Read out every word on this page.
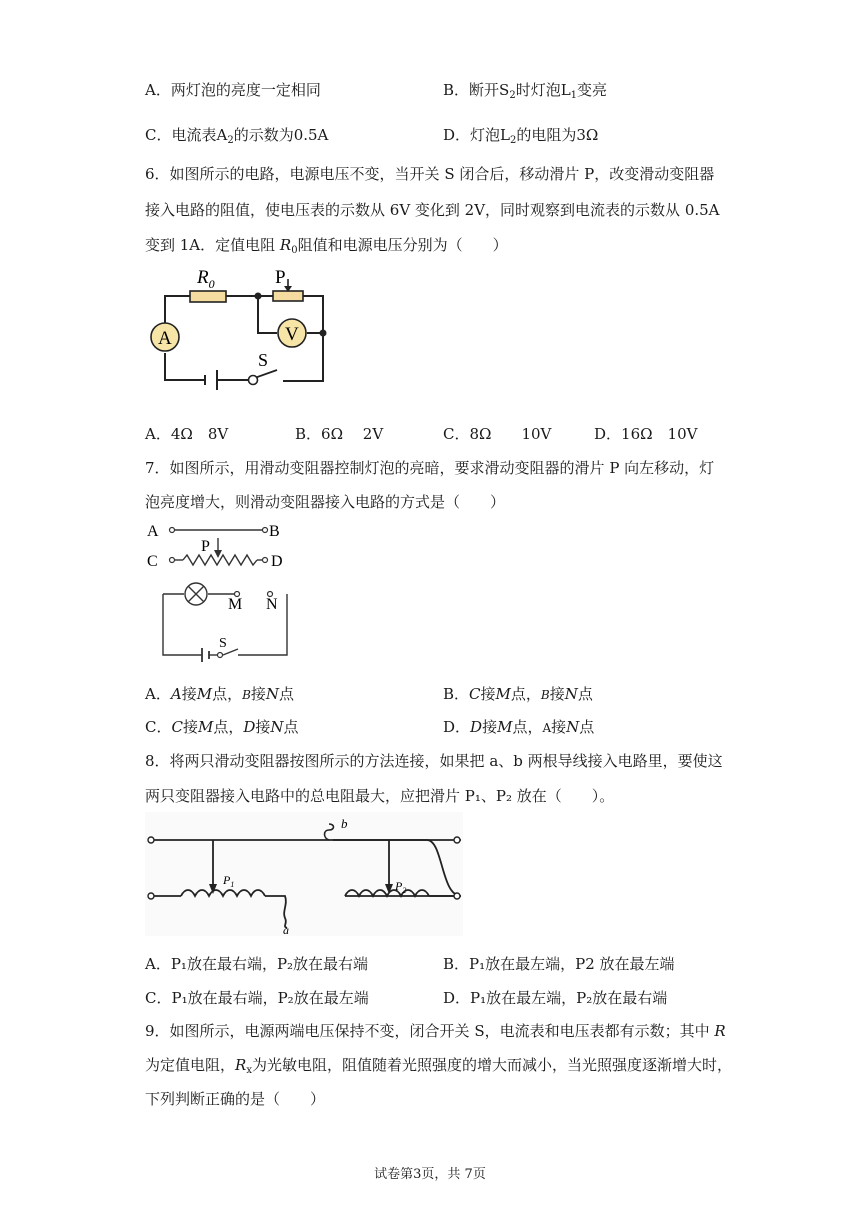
A．两灯泡的亮度一定相同	B．断开$S_2$时灯泡$L_1$变亮
C．电流表$A_2$的示数为0.5A	D．灯泡$L_2$的电阻为3Ω
6．如图所示的电路，电源电压不变，当开关 S 闭合后，移动滑片 P，改变滑动变阻器
接入电路的阻值，使电压表的示数从 6V 变化到 2V，同时观察到电流表的示数从 0.5A
变到 1A．定值电阻 $R_0$阻值和电源电压分别为（　　）
$R_0$	P
A	V
S
A．4Ω　8V	B．6Ω　 2V	C．8Ω　　10V	D．16Ω　10V
7．如图所示，用滑动变阻器控制灯泡的亮暗，要求滑动变阻器的滑片 P 向左移动，灯
泡亮度增大，则滑动变阻器接入电路的方式是（　　）
A	B
C	D
P
M N
S
A．A接M点，B接N点	B．C接M点，B接N点
C．C接M点，D接N点	D．D接M点，A接N点
8．将两只滑动变阻器按图所示的方法连接，如果把 a、b 两根导线接入电路里，要使这
两只变阻器接入电路中的总电阻最大，应把滑片 P₁、P₂ 放在（　　）。
$P_1$	$P_2$
a
b
A．P₁放在最右端，P₂放在最右端	B．P₁放在最左端，P2 放在最左端
C．P₁放在最右端，P₂放在最左端	D．P₁放在最左端，P₂放在最右端
9．如图所示，电源两端电压保持不变，闭合开关 S，电流表和电压表都有示数；其中 R
为定值电阻，$R_x$为光敏电阻，阻值随着光照强度的增大而减小，当光照强度逐渐增大时，
下列判断正确的是（　　）
试卷第3页，共 7页
